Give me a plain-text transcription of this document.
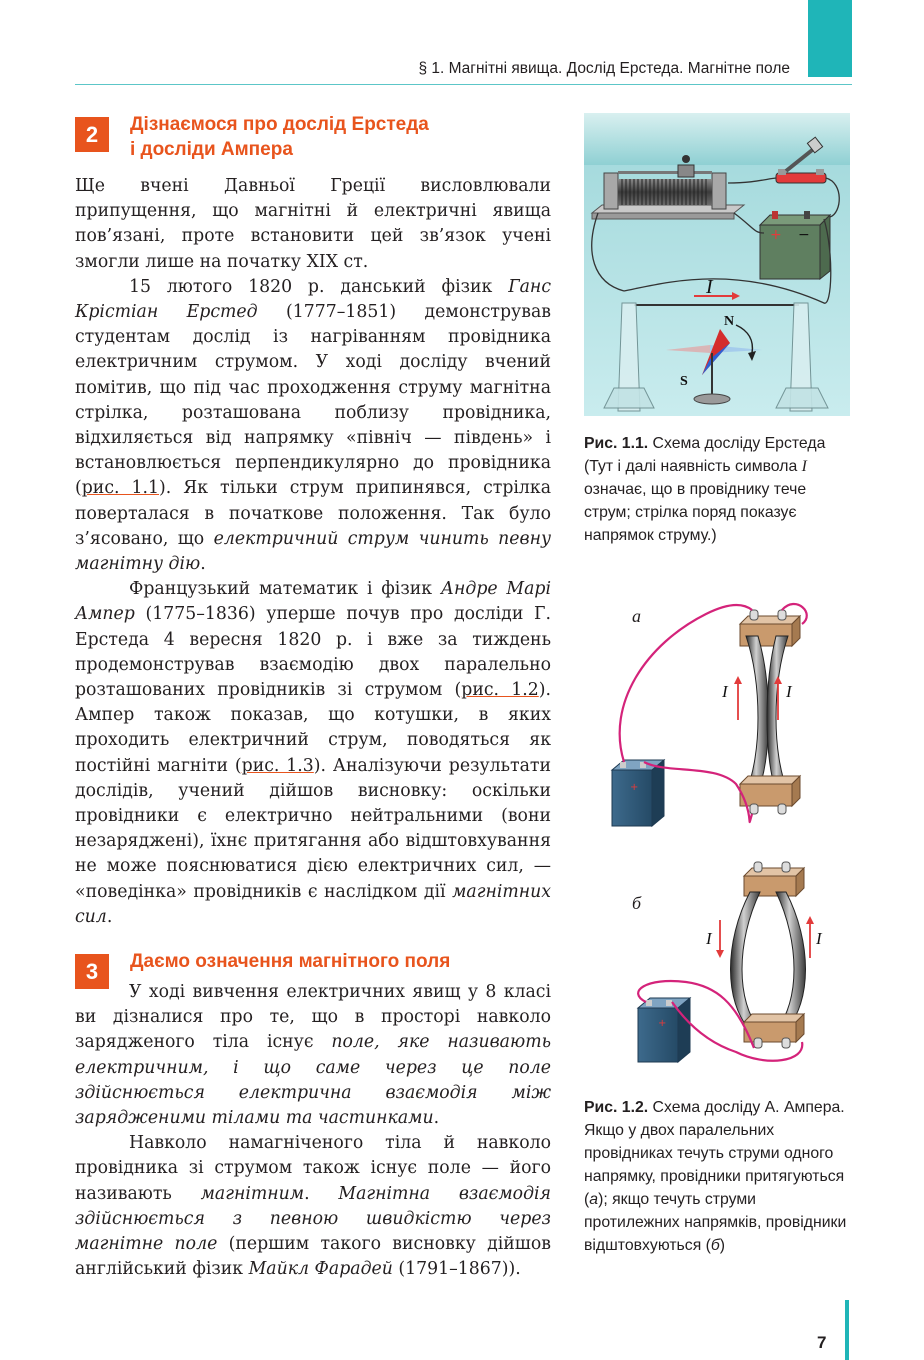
§ 1. Магнітні явища. Дослід Ерстеда. Магнітне поле
2	Дізнаємося про дослід Ерстеда
і досліди Ампера

Ще вчені Давньої Греції висловлювали припущення, що магнітні й електричні явища пов’язані, проте встановити цей зв’язок учені змогли лише на початку XIX ст.

15 лютого 1820 р. данський фізик Ганс Крістіан Ерстед (1777–1851) демонстрував студентам дослід із нагріванням провідника електричним струмом. У ході досліду вчений помітив, що під час проходження струму магнітна стрілка, розташована поблизу провідника, відхиляється від напрямку «північ — південь» і встановлюється перпендикулярно до провідника (рис. 1.1). Як тільки струм припинявся, стрілка поверталася в початкове положення. Так було з’ясовано, що електричний струм чинить певну магнітну дію.

Французький математик і фізик Андре Марі Ампер (1775–1836) уперше почув про досліди Г. Ерстеда 4 вересня 1820 р. і вже за тиждень продемонстрував взаємодію двох паралельно розташованих провідників зі струмом (рис. 1.2). Ампер також показав, що котушки, в яких проходить електричний струм, поводяться як постійні магніти (рис. 1.3). Аналізуючи результати дослідів, учений дійшов висновку: оскільки провідники є електрично нейтральними (вони незаряджені), їхнє притягання або відштовхування не може пояснюватися дією електричних сил, — «поведінка» провідників є наслідком дії магнітних сил.

3	Даємо означення магнітного поля

У ході вивчення електричних явищ у 8 класі ви дізналися про те, що в просторі навколо зарядженого тіла існує поле, яке називають електричним, і що саме через це поле здійснюється електрична взаємодія між зарядженими тілами та частинками.

Навколо намагніченого тіла й навколо провідника зі струмом також існує поле — його називають магнітним. Магнітна взаємодія здійснюється з певною швидкістю через магнітне поле (першим такого висновку дійшов англійський фізик Майкл Фарадей (1791–1867)).

+ −
I
N
S
Рис. 1.1. Схема досліду Ерстеда (Тут і далі наявність символа I означає, що в провіднику тече струм; стрілка поряд показує напрямок струму.)
а
+
I	I
б
+
I	I
Рис. 1.2. Схема досліду А. Ампера. Якщо у двох паралельних провідниках течуть струми одного напрямку, провідники притягуються (а); якщо течуть струми протилежних напрямків, провідники відштовхуються (б)
7
